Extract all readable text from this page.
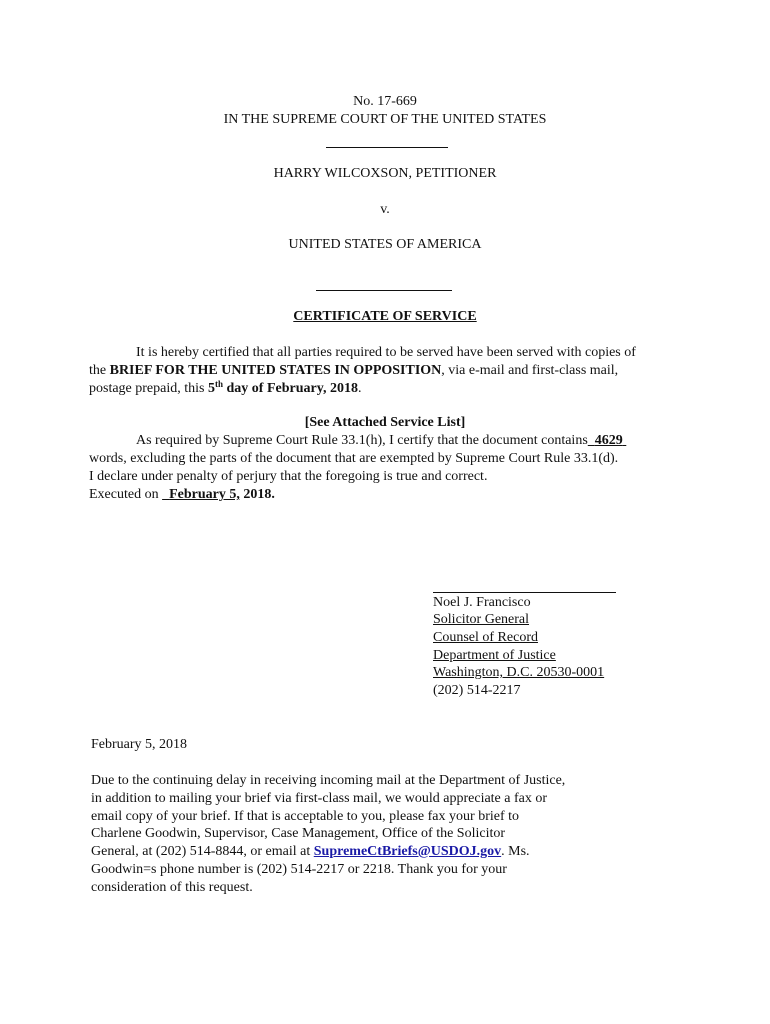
No. 17-669
IN THE SUPREME COURT OF THE UNITED STATES
HARRY WILCOXSON, PETITIONER
v.
UNITED STATES OF AMERICA
CERTIFICATE OF SERVICE
It is hereby certified that all parties required to be served have been served with copies of
the BRIEF FOR THE UNITED STATES IN OPPOSITION, via e-mail and first-class mail,
postage prepaid, this 5th day of February, 2018.
[See Attached Service List]
As required by Supreme Court Rule 33.1(h), I certify that the document contains 4629
words, excluding the parts of the document that are exempted by Supreme Court Rule 33.1(d).
I declare under penalty of perjury that the foregoing is true and correct.
Executed on February 5, 2018.
Noel J. Francisco
Solicitor General
Counsel of Record
Department of Justice
Washington, D.C. 20530-0001
(202) 514-2217
February 5, 2018
Due to the continuing delay in receiving incoming mail at the Department of Justice,
in addition to mailing your brief via first-class mail, we would appreciate a fax or
email copy of your brief. If that is acceptable to you, please fax your brief to
Charlene Goodwin, Supervisor, Case Management, Office of the Solicitor
General, at (202) 514-8844, or email at SupremeCtBriefs@USDOJ.gov. Ms.
Goodwin=s phone number is (202) 514-2217 or 2218. Thank you for your
consideration of this request.
